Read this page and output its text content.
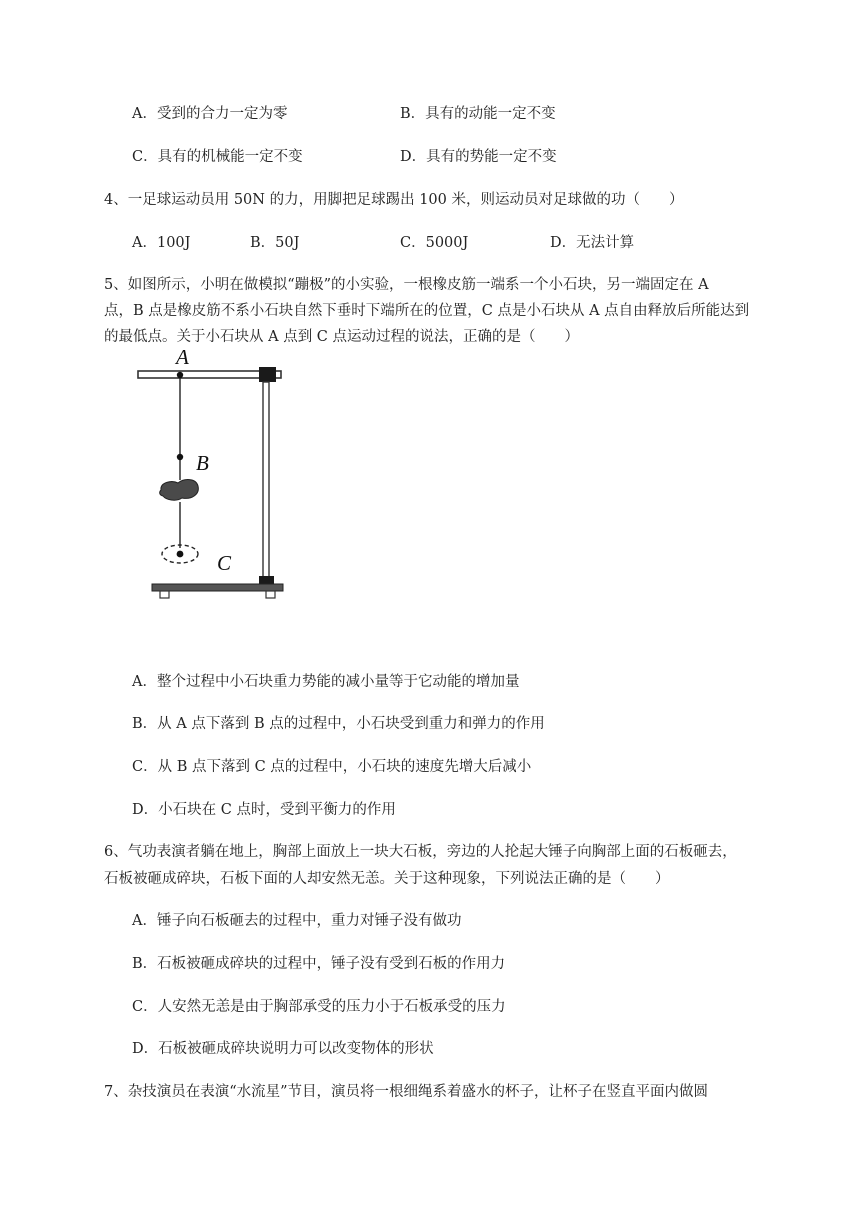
A．受到的合力一定为零	B．具有的动能一定不变
C．具有的机械能一定不变	D．具有的势能一定不变
4、一足球运动员用 50N 的力，用脚把足球踢出 100 米，则运动员对足球做的功（　　）
A．100J	B．50J	C．5000J	D．无法计算
5、如图所示，小明在做模拟“蹦极”的小实验，一根橡皮筋一端系一个小石块，另一端固定在 A
点，B 点是橡皮筋不系小石块自然下垂时下端所在的位置，C 点是小石块从 A 点自由释放后所能达到
的最低点。关于小石块从 A 点到 C 点运动过程的说法，正确的是（　　）
A
B
C
A．整个过程中小石块重力势能的减小量等于它动能的增加量
B．从 A 点下落到 B 点的过程中，小石块受到重力和弹力的作用
C．从 B 点下落到 C 点的过程中，小石块的速度先增大后减小
D．小石块在 C 点时，受到平衡力的作用
6、气功表演者躺在地上，胸部上面放上一块大石板，旁边的人抡起大锤子向胸部上面的石板砸去，
石板被砸成碎块，石板下面的人却安然无恙。关于这种现象，下列说法正确的是（　　）
A．锤子向石板砸去的过程中，重力对锤子没有做功
B．石板被砸成碎块的过程中，锤子没有受到石板的作用力
C．人安然无恙是由于胸部承受的压力小于石板承受的压力
D．石板被砸成碎块说明力可以改变物体的形状
7、杂技演员在表演“水流星”节目，演员将一根细绳系着盛水的杯子，让杯子在竖直平面内做圆
